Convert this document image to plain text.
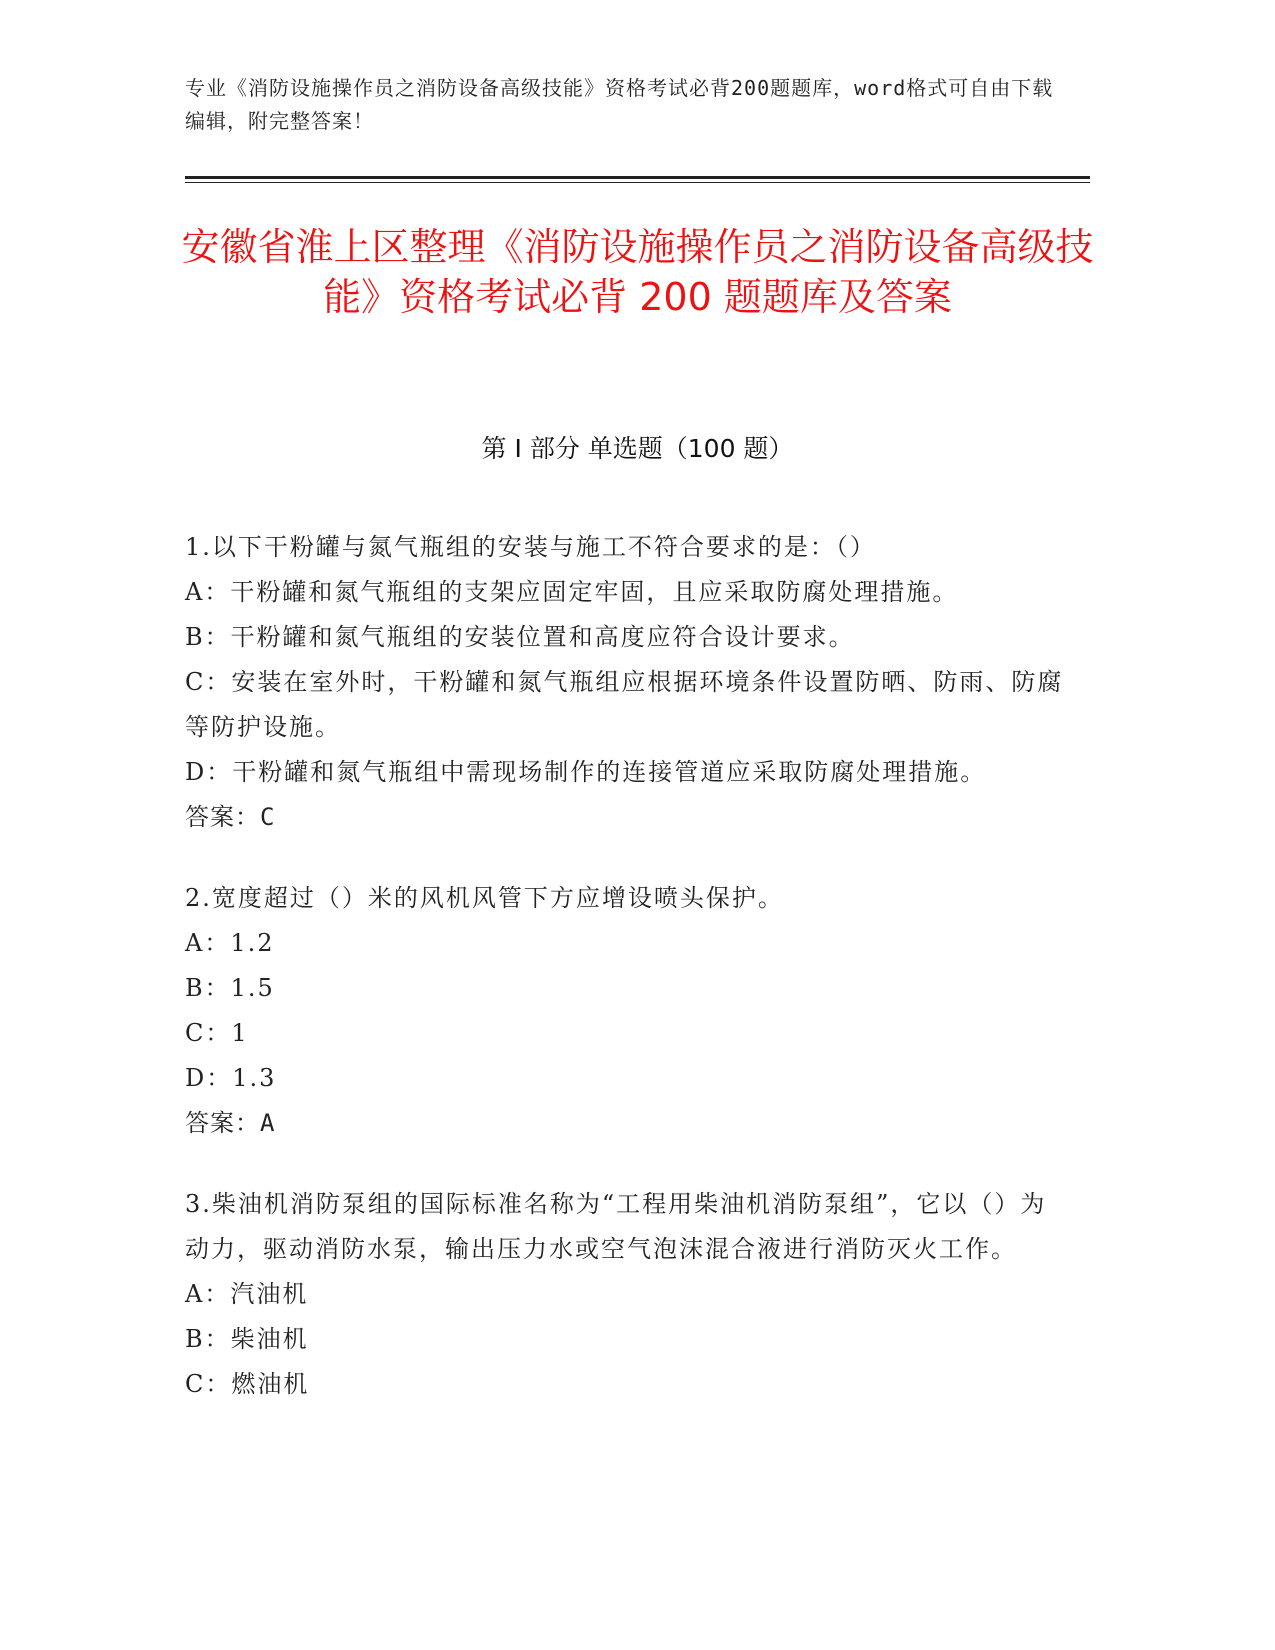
专业《消防设施操作员之消防设备高级技能》资格考试必背200题题库，word格式可自由下载编辑，附完整答案！
安徽省淮上区整理《消防设施操作员之消防设备高级技能》资格考试必背 200 题题库及答案
第 I 部分 单选题（100 题）

1.以下干粉罐与氮气瓶组的安装与施工不符合要求的是：（）

A：干粉罐和氮气瓶组的支架应固定牢固，且应采取防腐处理措施。

B：干粉罐和氮气瓶组的安装位置和高度应符合设计要求。

C：安装在室外时，干粉罐和氮气瓶组应根据环境条件设置防晒、防雨、防腐等防护设施。

D：干粉罐和氮气瓶组中需现场制作的连接管道应采取防腐处理措施。

答案：C

2.宽度超过（）米的风机风管下方应增设喷头保护。

A：1.2

B：1.5

C：1

D：1.3

答案：A

3.柴油机消防泵组的国际标准名称为“工程用柴油机消防泵组”，它以（）为动力，驱动消防水泵，输出压力水或空气泡沫混合液进行消防灭火工作。

A：汽油机

B：柴油机

C：燃油机
